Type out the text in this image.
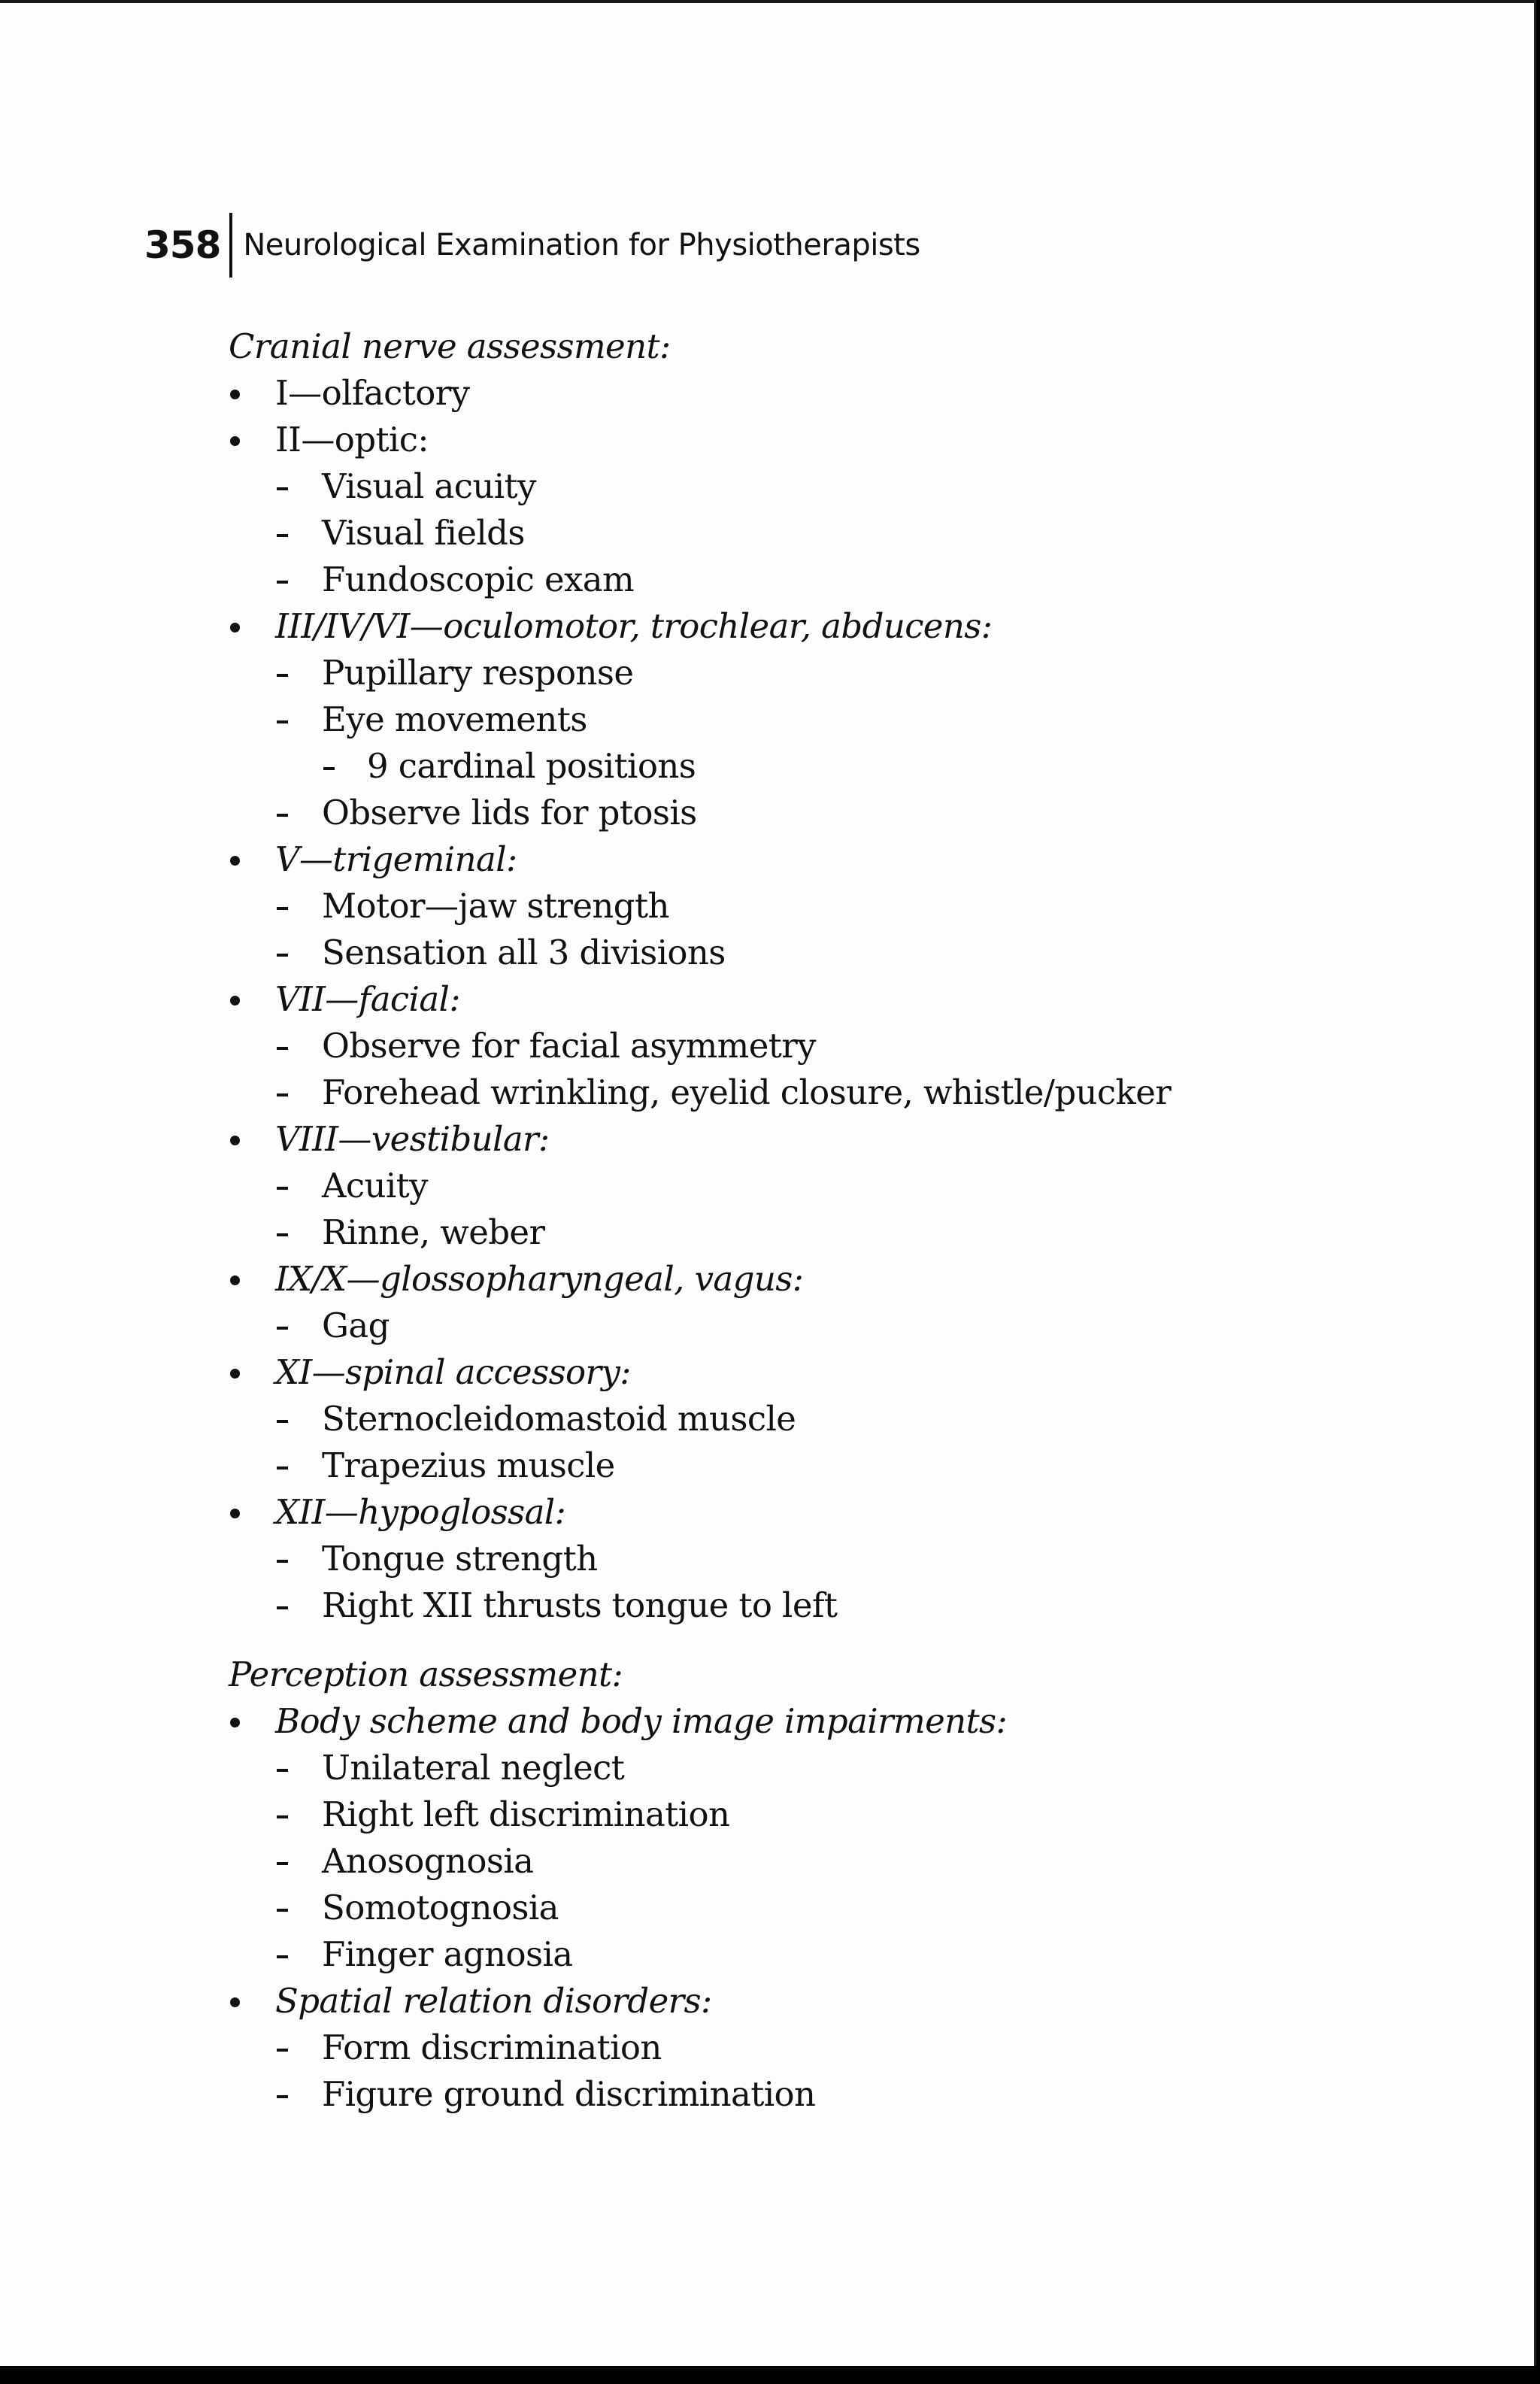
358 Neurological Examination for Physiotherapists
Cranial nerve assessment:
I—olfactory
II—optic:
Visual acuity
Visual fields
Fundoscopic exam
III/IV/VI—oculomotor, trochlear, abducens:
Pupillary response
Eye movements
9 cardinal positions
Observe lids for ptosis
V—trigeminal:
Motor—jaw strength
Sensation all 3 divisions
VII—facial:
Observe for facial asymmetry
Forehead wrinkling, eyelid closure, whistle/pucker
VIII—vestibular:
Acuity
Rinne, weber
IX/X—glossopharyngeal, vagus:
Gag
XI—spinal accessory:
Sternocleidomastoid muscle
Trapezius muscle
XII—hypoglossal:
Tongue strength
Right XII thrusts tongue to left
Perception assessment:
Body scheme and body image impairments:
Unilateral neglect
Right left discrimination
Anosognosia
Somotognosia
Finger agnosia
Spatial relation disorders:
Form discrimination
Figure ground discrimination
